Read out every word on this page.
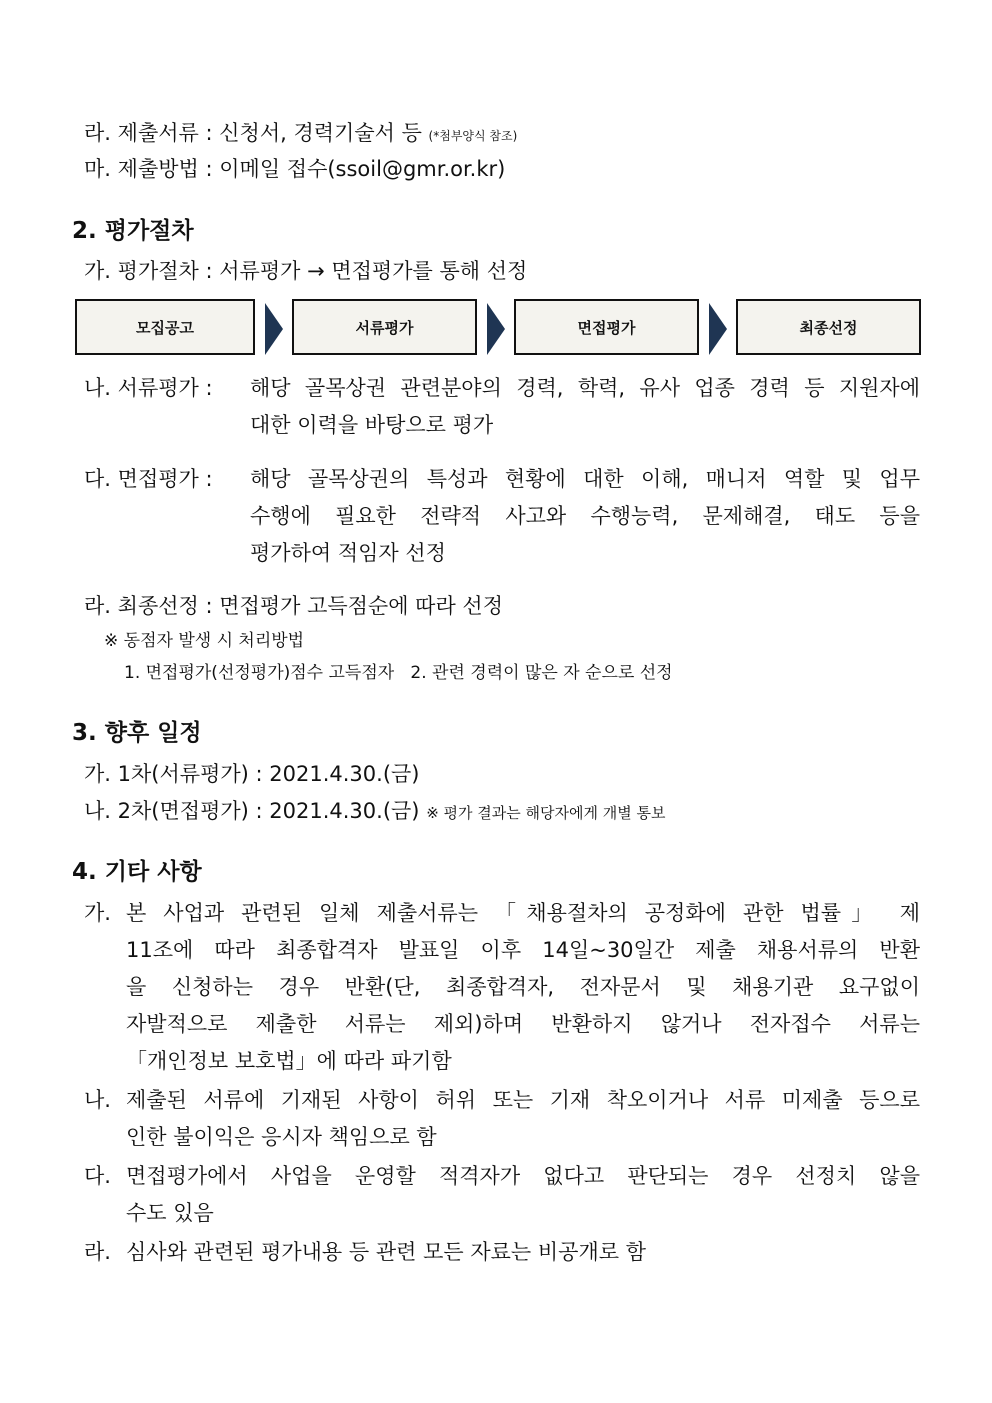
라. 제출서류 : 신청서, 경력기술서 등 (*첨부양식 참조)
마. 제출방법 : 이메일 접수(ssoil@gmr.or.kr)
2. 평가절차
가. 평가절차 : 서류평가 → 면접평가를 통해 선정
모집공고	서류평가	면접평가	최종선정
나. 서류평가 : 해당 골목상권 관련분야의 경력, 학력, 유사 업종 경력 등 지원자에
대한 이력을 바탕으로 평가
다. 면접평가 : 해당 골목상권의 특성과 현황에 대한 이해, 매니저 역할 및 업무
수행에 필요한 전략적 사고와 수행능력, 문제해결, 태도 등을
평가하여 적임자 선정
라. 최종선정 : 면접평가 고득점순에 따라 선정
※ 동점자 발생 시 처리방법
1. 면접평가(선정평가)점수 고득점자   2. 관련 경력이 많은 자 순으로 선정
3. 향후 일정
가. 1차(서류평가) : 2021.4.30.(금)
나. 2차(면접평가) : 2021.4.30.(금) ※ 평가 결과는 해당자에게 개별 통보
4. 기타 사항
가. 본 사업과 관련된 일체 제출서류는 「채용절차의 공정화에 관한 법률」 제
11조에 따라 최종합격자 발표일 이후 14일~30일간 제출 채용서류의 반환
을 신청하는 경우 반환(단, 최종합격자, 전자문서 및 채용기관 요구없이
자발적으로 제출한 서류는 제외)하며 반환하지 않거나 전자접수 서류는
「개인정보 보호법」에 따라 파기함
나. 제출된 서류에 기재된 사항이 허위 또는 기재 착오이거나 서류 미제출 등으로
인한 불이익은 응시자 책임으로 함
다. 면접평가에서 사업을 운영할 적격자가 없다고 판단되는 경우 선정치 않을
수도 있음
라. 심사와 관련된 평가내용 등 관련 모든 자료는 비공개로 함
